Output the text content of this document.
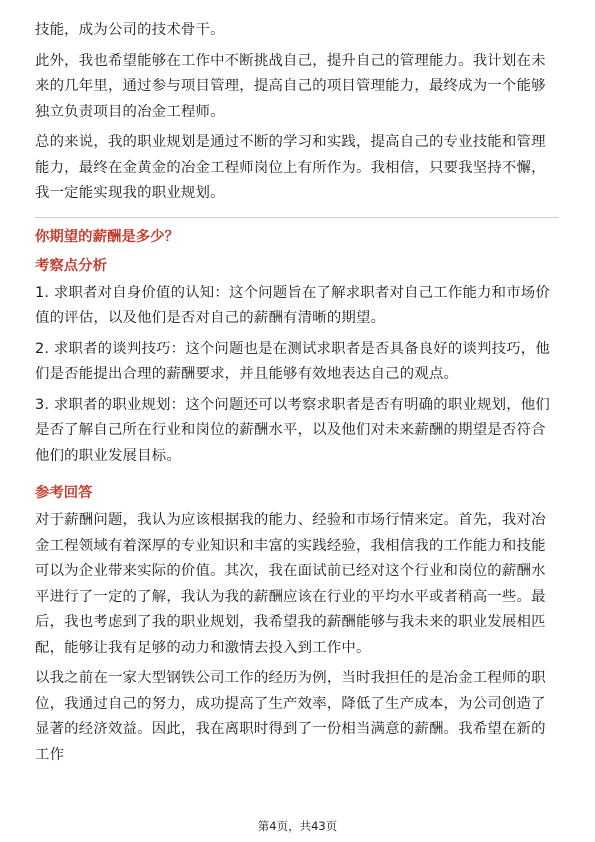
技能，成为公司的技术骨干。

此外，我也希望能够在工作中不断挑战自己，提升自己的管理能力。我计划在未来的几年里，通过参与项目管理，提高自己的项目管理能力，最终成为一个能够独立负责项目的冶金工程师。

总的来说，我的职业规划是通过不断的学习和实践，提高自己的专业技能和管理能力，最终在金黄金的冶金工程师岗位上有所作为。我相信，只要我坚持不懈，我一定能实现我的职业规划。

你期望的薪酬是多少？
考察点分析

1. 求职者对自身价值的认知：这个问题旨在了解求职者对自己工作能力和市场价值的评估，以及他们是否对自己的薪酬有清晰的期望。

2. 求职者的谈判技巧：这个问题也是在测试求职者是否具备良好的谈判技巧，他们是否能提出合理的薪酬要求，并且能够有效地表达自己的观点。

3. 求职者的职业规划：这个问题还可以考察求职者是否有明确的职业规划，他们是否了解自己所在行业和岗位的薪酬水平，以及他们对未来薪酬的期望是否符合他们的职业发展目标。

参考回答

对于薪酬问题，我认为应该根据我的能力、经验和市场行情来定。首先，我对冶金工程领域有着深厚的专业知识和丰富的实践经验，我相信我的工作能力和技能可以为企业带来实际的价值。其次，我在面试前已经对这个行业和岗位的薪酬水平进行了一定的了解，我认为我的薪酬应该在行业的平均水平或者稍高一些。最后，我也考虑到了我的职业规划，我希望我的薪酬能够与我未来的职业发展相匹配，能够让我有足够的动力和激情去投入到工作中。

以我之前在一家大型钢铁公司工作的经历为例，当时我担任的是冶金工程师的职位，我通过自己的努力，成功提高了生产效率，降低了生产成本，为公司创造了显著的经济效益。因此，我在离职时得到了一份相当满意的薪酬。我希望在新的工作

第4页，共43页
